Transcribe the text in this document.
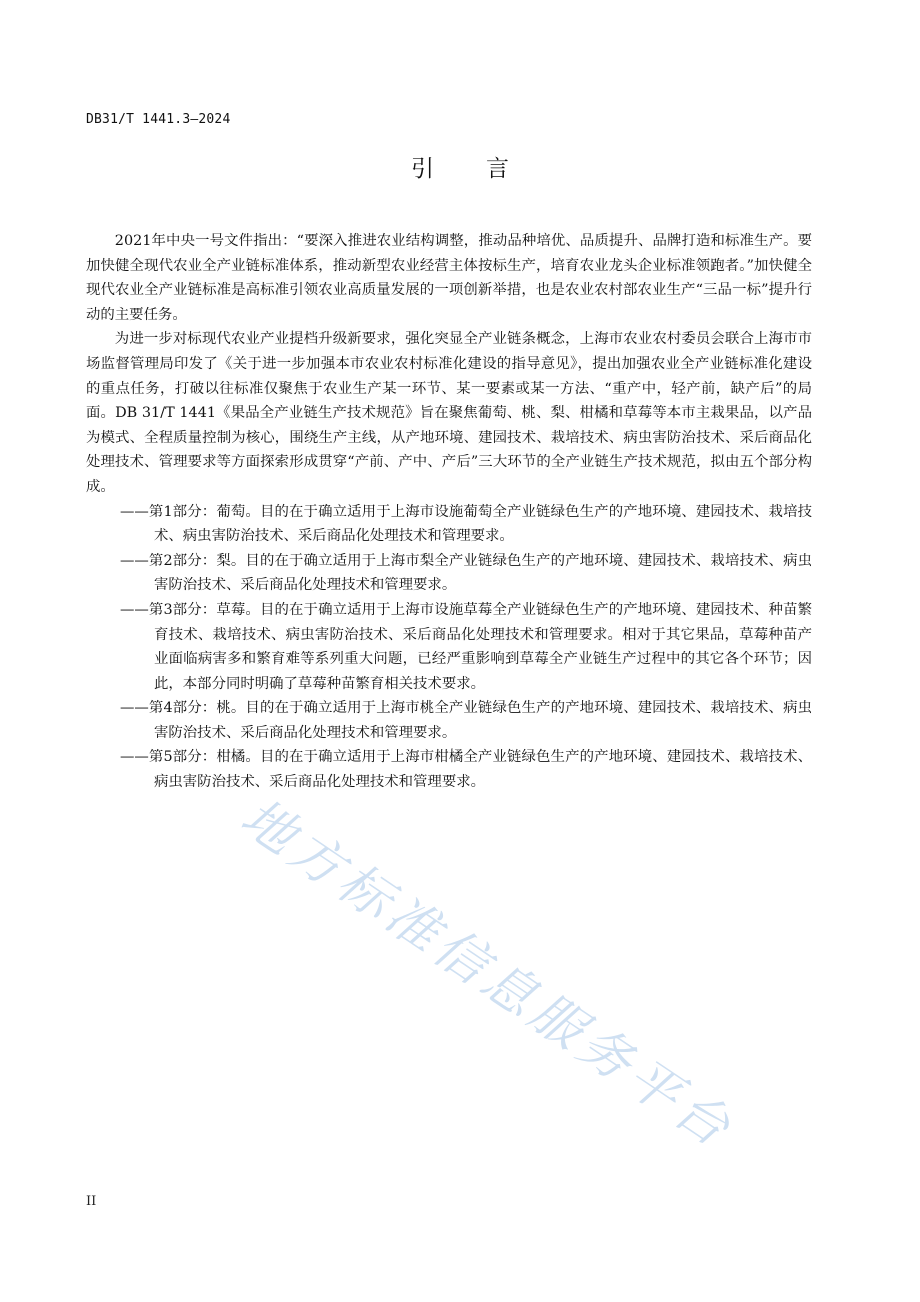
DB31/T 1441.3—2024
引言

2021年中央一号文件指出：“要深入推进农业结构调整，推动品种培优、品质提升、品牌打造和标准生产。要加快健全现代农业全产业链标准体系，推动新型农业经营主体按标生产，培育农业龙头企业标准领跑者。”加快健全现代农业全产业链标准是高标准引领农业高质量发展的一项创新举措，也是农业农村部农业生产“三品一标”提升行动的主要任务。

为进一步对标现代农业产业提档升级新要求，强化突显全产业链条概念，上海市农业农村委员会联合上海市市场监督管理局印发了《关于进一步加强本市农业农村标准化建设的指导意见》，提出加强农业全产业链标准化建设的重点任务，打破以往标准仅聚焦于农业生产某一环节、某一要素或某一方法、“重产中，轻产前，缺产后”的局面。DB 31/T 1441《果品全产业链生产技术规范》旨在聚焦葡萄、桃、梨、柑橘和草莓等本市主栽果品，以产品为模式、全程质量控制为核心，围绕生产主线，从产地环境、建园技术、栽培技术、病虫害防治技术、采后商品化处理技术、管理要求等方面探索形成贯穿“产前、产中、产后”三大环节的全产业链生产技术规范，拟由五个部分构成。

——第1部分：葡萄。目的在于确立适用于上海市设施葡萄全产业链绿色生产的产地环境、建园技术、栽培技术、病虫害防治技术、采后商品化处理技术和管理要求。

——第2部分：梨。目的在于确立适用于上海市梨全产业链绿色生产的产地环境、建园技术、栽培技术、病虫害防治技术、采后商品化处理技术和管理要求。

——第3部分：草莓。目的在于确立适用于上海市设施草莓全产业链绿色生产的产地环境、建园技术、种苗繁育技术、栽培技术、病虫害防治技术、采后商品化处理技术和管理要求。相对于其它果品，草莓种苗产业面临病害多和繁育难等系列重大问题，已经严重影响到草莓全产业链生产过程中的其它各个环节；因此，本部分同时明确了草莓种苗繁育相关技术要求。

——第4部分：桃。目的在于确立适用于上海市桃全产业链绿色生产的产地环境、建园技术、栽培技术、病虫害防治技术、采后商品化处理技术和管理要求。

——第5部分：柑橘。目的在于确立适用于上海市柑橘全产业链绿色生产的产地环境、建园技术、栽培技术、病虫害防治技术、采后商品化处理技术和管理要求。

地方标准信息服务平台
II
